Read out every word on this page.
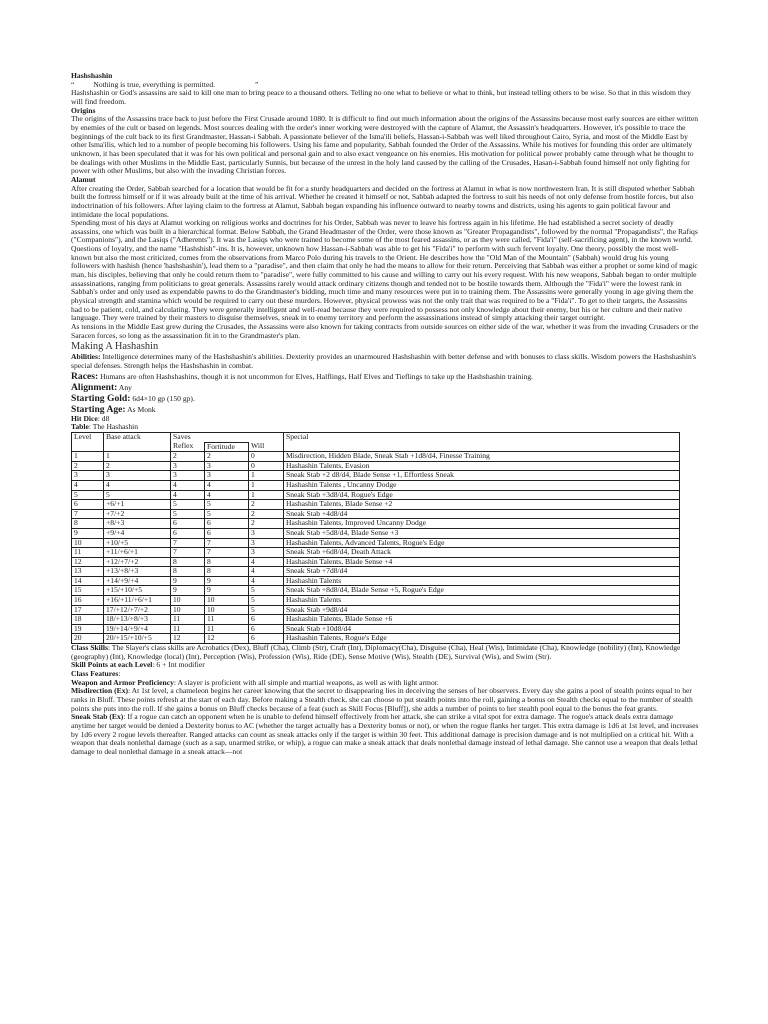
Hashshashin

“ Nothing is true, everything is permitted.	”

Hashshashin or God's assassins are said to kill one man to bring peace to a thousand others. Telling no one what to believe or what to think, but instead telling others to be wise. So that in this wisdom they will find freedom.

Origins

The origins of the Assassins trace back to just before the First Crusade around 1080. It is difficult to find out much information about the origins of the Assassins because most early sources are either written by enemies of the cult or based on legends. Most sources dealing with the order's inner working were destroyed with the capture of Alamut, the Assassin's headquarters. However, it's possible to trace the beginnings of the cult back to its first Grandmaster, Hassan-i Sabbah. A passionate believer of the Isma'ili beliefs, Hassan-i-Sabbah was well liked throughout Cairo, Syria, and most of the Middle East by other Isma'ilis, which led to a number of people becoming his followers. Using his fame and popularity, Sabbah founded the Order of the Assassins. While his motives for founding this order are ultimately unknown, it has been speculated that it was for his own political and personal gain and to also exact vengeance on his enemies. His motivation for political power probably came through what he thought to be dealings with other Muslims in the Middle East, particularly Sunnis, but because of the unrest in the holy land caused by the calling of the Crusades, Hasan-i-Sabbah found himself not only fighting for power with other Muslims, but also with the invading Christian forces.

Alamut

After creating the Order, Sabbah searched for a location that would be fit for a sturdy headquarters and decided on the fortress at Alamut in what is now northwestern Iran. It is still disputed whether Sabbah built the fortress himself or if it was already built at the time of his arrival. Whether he created it himself or not, Sabbah adapted the fortress to suit his needs of not only defense from hostile forces, but also indoctrination of his followers. After laying claim to the fortress at Alamut, Sabbah began expanding his influence outward to nearby towns and districts, using his agents to gain political favour and intimidate the local populations.

Spending most of his days at Alamut working on religious works and doctrines for his Order, Sabbah was never to leave his fortress again in his lifetime. He had established a secret society of deadly assassins, one which was built in a hierarchical format. Below Sabbah, the Grand Headmaster of the Order, were those known as "Greater Propagandists", followed by the normal "Propagandists", the Rafiqs ("Companions"), and the Lasiqs ("Adherents"). It was the Lasiqs who were trained to become some of the most feared assassins, or as they were called, "Fida'i" (self-sacrificing agent), in the known world. Questions of loyalty, and the name "Hashshish"-ins. It is, however, unknown how Hassan-i-Sabbah was able to get his "Fida'i" to perform with such fervent loyalty. One theory, possibly the most well-known but also the most criticized, comes from the observations from Marco Polo during his travels to the Orient. He describes how the "Old Man of the Mountain" (Sabbah) would drug his young followers with hashish (hence 'hashshashin'), lead them to a "paradise", and then claim that only he had the means to allow for their return. Perceiving that Sabbah was either a prophet or some kind of magic man, his disciples, believing that only he could return them to "paradise", were fully committed to his cause and willing to carry out his every request. With his new weapons, Sabbah began to order multiple assassinations, ranging from politicians to great generals. Assassins rarely would attack ordinary citizens though and tended not to be hostile towards them. Although the "Fida'i" were the lowest rank in Sabbah's order and only used as expendable pawns to do the Grandmaster's bidding, much time and many resources were put in to training them. The Assassins were generally young in age giving them the physical strength and stamina which would be required to carry out these murders. However, physical prowess was not the only trait that was required to be a "Fida'i". To get to their targets, the Assassins had to be patient, cold, and calculating. They were generally intelligent and well-read because they were required to possess not only knowledge about their enemy, but his or her culture and their native language. They were trained by their masters to disguise themselves, sneak in to enemy territory and perform the assassinations instead of simply attacking their target outright.

As tensions in the Middle East grew during the Crusades, the Assassins were also known for taking contracts from outside sources on either side of the war, whether it was from the invading Crusaders or the Saracen forces, so long as the assassination fit in to the Grandmaster's plan.

Making A Hashashin

Abilities: Intelligence determines many of the Hashshashin's abilities. Dexterity provides an unarmoured Hashshashin with better defense and with bonuses to class skills. Wisdom powers the Hashshashin's special defenses. Strength helps the Hashshashin in combat.

Races: Humans are often Hashshashins, though it is not uncommon for Elves, Halflings, Half Elves and Tieflings to take up the Hashshashin training.

Alignment: Any

Starting Gold: 6d4×10 gp (150 gp).

Starting Age: As Monk

Hit Dice: d8

Table: The Hashashin

Level	Base attack	Saves			Special
		Reflex	Fortitude	Will	
1	1	2	2	0	Misdirection, Hidden Blade, Sneak Stab +1d8/d4, Finesse Training
2	2	3	3	0	Hashashin Talents, Evasion
3	3	3	3	1	Sneak Stab +2 d8/d4, Blade Sense +1, Effortless Sneak
4	4	4	4	1	Hashashin Talents , Uncanny Dodge
5	5	4	4	1	Sneak Stab +3d8/d4, Rogue's Edge
6	+6/+1	5	5	2	Hashashin Talents, Blade Sense +2
7	+7/+2	5	5	2	Sneak Stab +4d8/d4
8	+8/+3	6	6	2	Hashashin Talents, Improved Uncanny Dodge
9	+9/+4	6	6	3	Sneak Stab +5d8/d4, Blade Sense +3
10	+10/+5	7	7	3	Hashashin Talents, Advanced Talents, Rogue's Edge
11	+11/+6/+1	7	7	3	Sneak Stab +6d8/d4, Death Attack
12	+12/+7/+2	8	8	4	Hashashin Talents, Blade Sense +4
13	+13/+8/+3	8	8	4	Sneak Stab +7d8/d4
14	+14/+9/+4	9	9	4	Hashashin Talents
15	+15/+10/+5	9	9	5	Sneak Stab +8d8/d4, Blade Sense +5, Rogue's Edge
16	+16/+11/+6/+1	10	10	5	Hashashin Talents
17	17/+12/+7/+2	10	10	5	Sneak Stab +9d8/d4
18	18/+13/+8/+3	11	11	6	Hashashin Talents, Blade Sense +6
19	19/+14/+9/+4	11	11	6	Sneak Stab +10d8/d4
20	20/+15/+10/+5	12	12	6	Hashashin Talents, Rogue's Edge

Class Skills: The Slayer's class skills are Acrobatics (Dex), Bluff (Cha), Climb (Str), Craft (Int), Diplomacy(Cha), Disguise (Cha), Heal (Wis), Intimidate (Cha), Knowledge (nobility) (Int), Knowledge (geography) (Int), Knowledge (local) (Int), Perception (Wis), Profession (Wis), Ride (DE), Sense Motive (Wis), Stealth (DE), Survival (Wis), and Swim (Str).

Skill Points at each Level: 6 + Int modifier

Class Features:

Weapon and Armor Proficiency: A slayer is proficient with all simple and martial weapons, as well as with light armor.

Misdirection (Ex): At 1st level, a chameleon begins her career knowing that the secret to disappearing lies in deceiving the senses of her observers. Every day she gains a pool of stealth points equal to her ranks in Bluff. These points refresh at the start of each day. Before making a Stealth check, she can choose to put stealth points into the roll, gaining a bonus on Stealth checks equal to the number of stealth points she puts into the roll. If she gains a bonus on Bluff checks because of a feat (such as Skill Focus [Bluff]), she adds a number of points to her stealth pool equal to the bonus the feat grants.

Sneak Stab (Ex): If a rogue can catch an opponent when he is unable to defend himself effectively from her attack, she can strike a vital spot for extra damage. The rogue's attack deals extra damage anytime her target would be denied a Dexterity bonus to AC (whether the target actually has a Dexterity bonus or not), or when the rogue flanks her target. This extra damage is 1d6 at 1st level, and increases by 1d6 every 2 rogue levels thereafter. Ranged attacks can count as sneak attacks only if the target is within 30 feet. This additional damage is precision damage and is not multiplied on a critical hit. With a weapon that deals nonlethal damage (such as a sap, unarmed strike, or whip), a rogue can make a sneak attack that deals nonlethal damage instead of lethal damage. She cannot use a weapon that deals lethal damage to deal nonlethal damage in a sneak attack—not
